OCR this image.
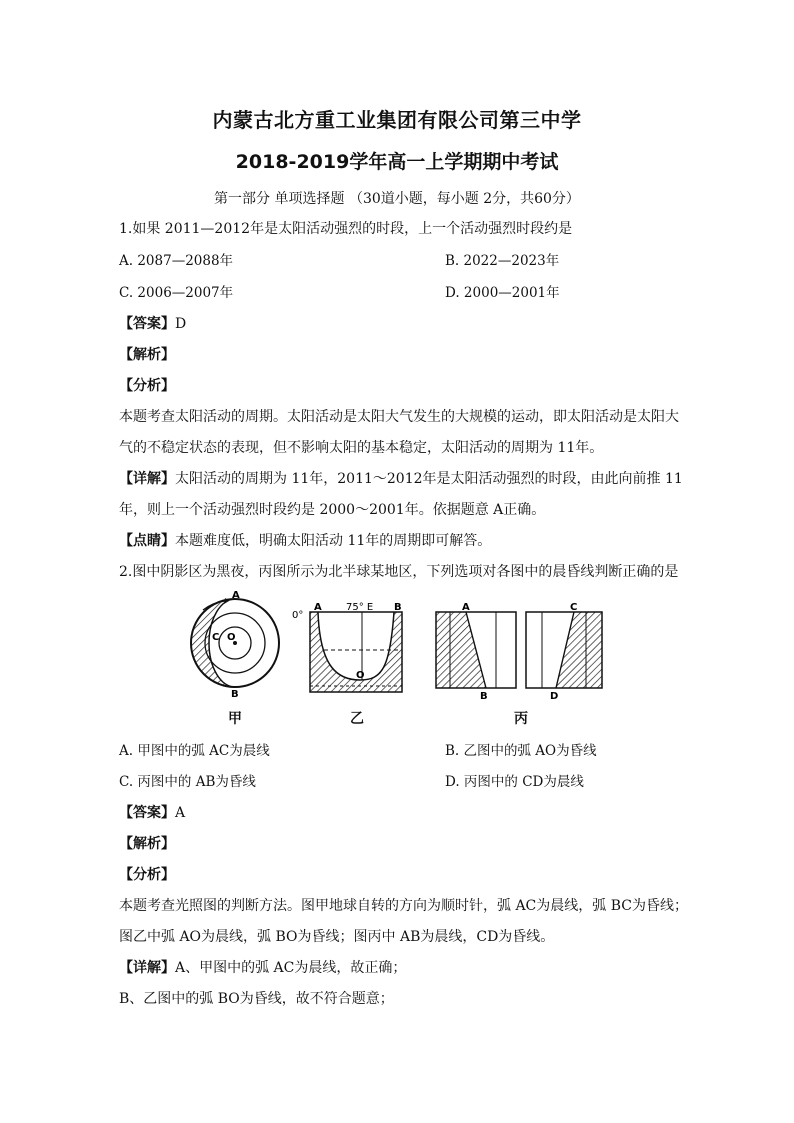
内蒙古北方重工业集团有限公司第三中学
2018-2019学年高一上学期期中考试
第一部分 单项选择题 （30道小题，每小题 2分，共60分）
1.如果 2011—2012年是太阳活动强烈的时段，上一个活动强烈时段约是
A. 2087—2088年	B. 2022—2023年
C. 2006—2007年	D. 2000—2001年
【答案】D
【解析】
【分析】
本题考查太阳活动的周期。太阳活动是太阳大气发生的大规模的运动，即太阳活动是太阳大
气的不稳定状态的表现，但不影响太阳的基本稳定，太阳活动的周期为 11年。
【详解】太阳活动的周期为 11年，2011～2012年是太阳活动强烈的时段，由此向前推 11
年，则上一个活动强烈时段约是 2000～2001年。依据题意 A正确。
【点睛】本题难度低，明确太阳活动 11年的周期即可解答。
2.图中阴影区为黑夜，丙图所示为北半球某地区，下列选项对各图中的晨昏线判断正确的是
A
B
C O
甲
0°
A 75° E B
O
乙
A
B
C
D
丙
A. 甲图中的弧 AC为晨线	B. 乙图中的弧 AO为昏线
C. 丙图中的 AB为昏线	D. 丙图中的 CD为晨线
【答案】A
【解析】
【分析】
本题考查光照图的判断方法。图甲地球自转的方向为顺时针，弧 AC为晨线，弧 BC为昏线；
图乙中弧 AO为晨线，弧 BO为昏线；图丙中 AB为晨线，CD为昏线。
【详解】A、甲图中的弧 AC为晨线，故正确；
B、乙图中的弧 BO为昏线，故不符合题意；
